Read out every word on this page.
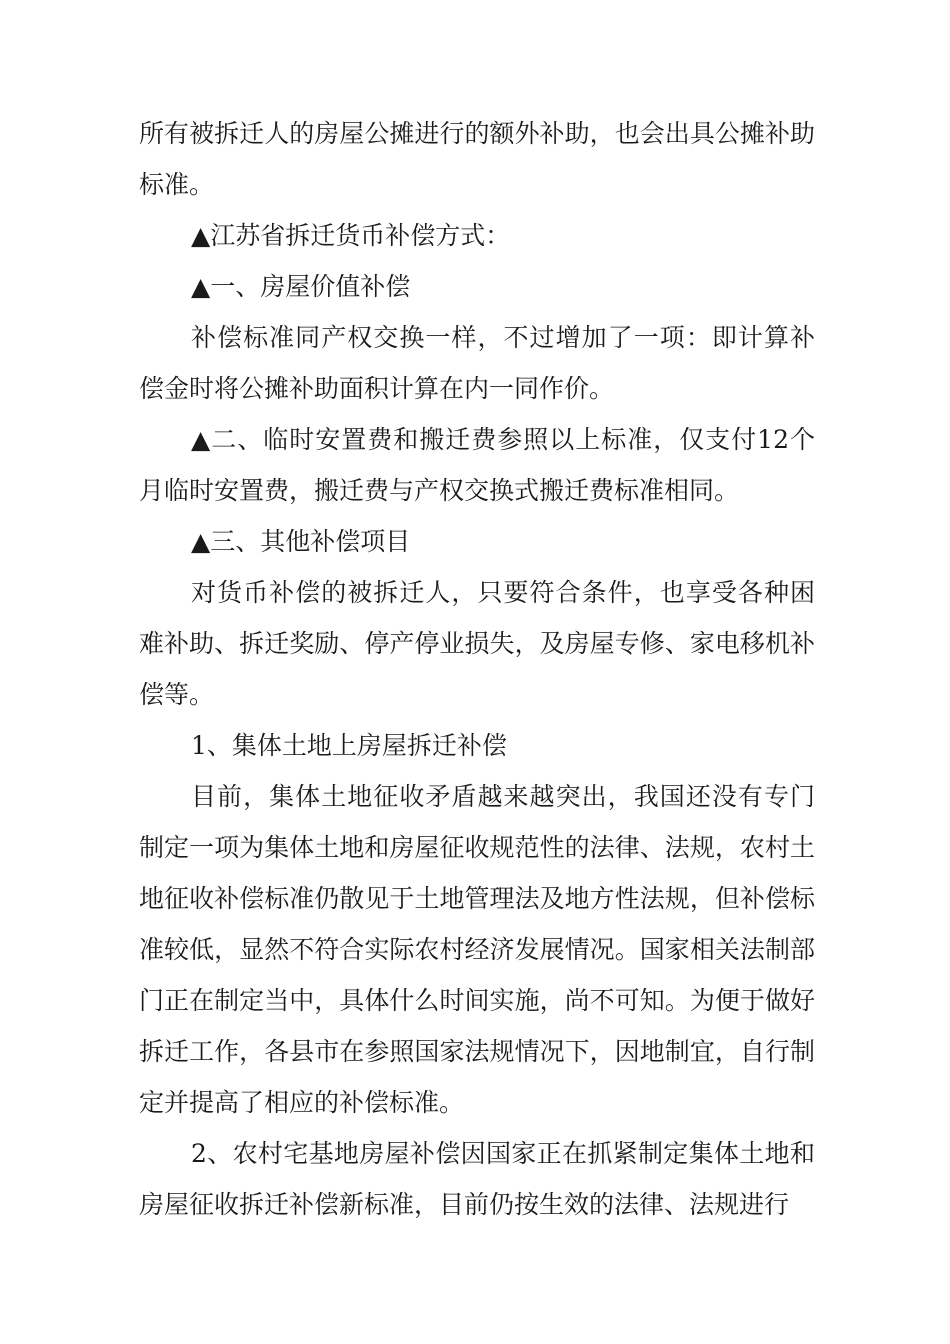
所有被拆迁人的房屋公摊进行的额外补助，也会出具公摊补助标准。

▲江苏省拆迁货币补偿方式：

▲一、房屋价值补偿

补偿标准同产权交换一样，不过增加了一项：即计算补偿金时将公摊补助面积计算在内一同作价。

▲二、临时安置费和搬迁费参照以上标准，仅支付12个月临时安置费，搬迁费与产权交换式搬迁费标准相同。

▲三、其他补偿项目

对货币补偿的被拆迁人，只要符合条件，也享受各种困难补助、拆迁奖励、停产停业损失，及房屋专修、家电移机补偿等。

1、集体土地上房屋拆迁补偿

目前，集体土地征收矛盾越来越突出，我国还没有专门制定一项为集体土地和房屋征收规范性的法律、法规，农村土地征收补偿标准仍散见于土地管理法及地方性法规，但补偿标准较低，显然不符合实际农村经济发展情况。国家相关法制部门正在制定当中，具体什么时间实施，尚不可知。为便于做好拆迁工作，各县市在参照国家法规情况下，因地制宜，自行制定并提高了相应的补偿标准。

2、农村宅基地房屋补偿因国家正在抓紧制定集体土地和房屋征收拆迁补偿新标准，目前仍按生效的法律、法规进行
